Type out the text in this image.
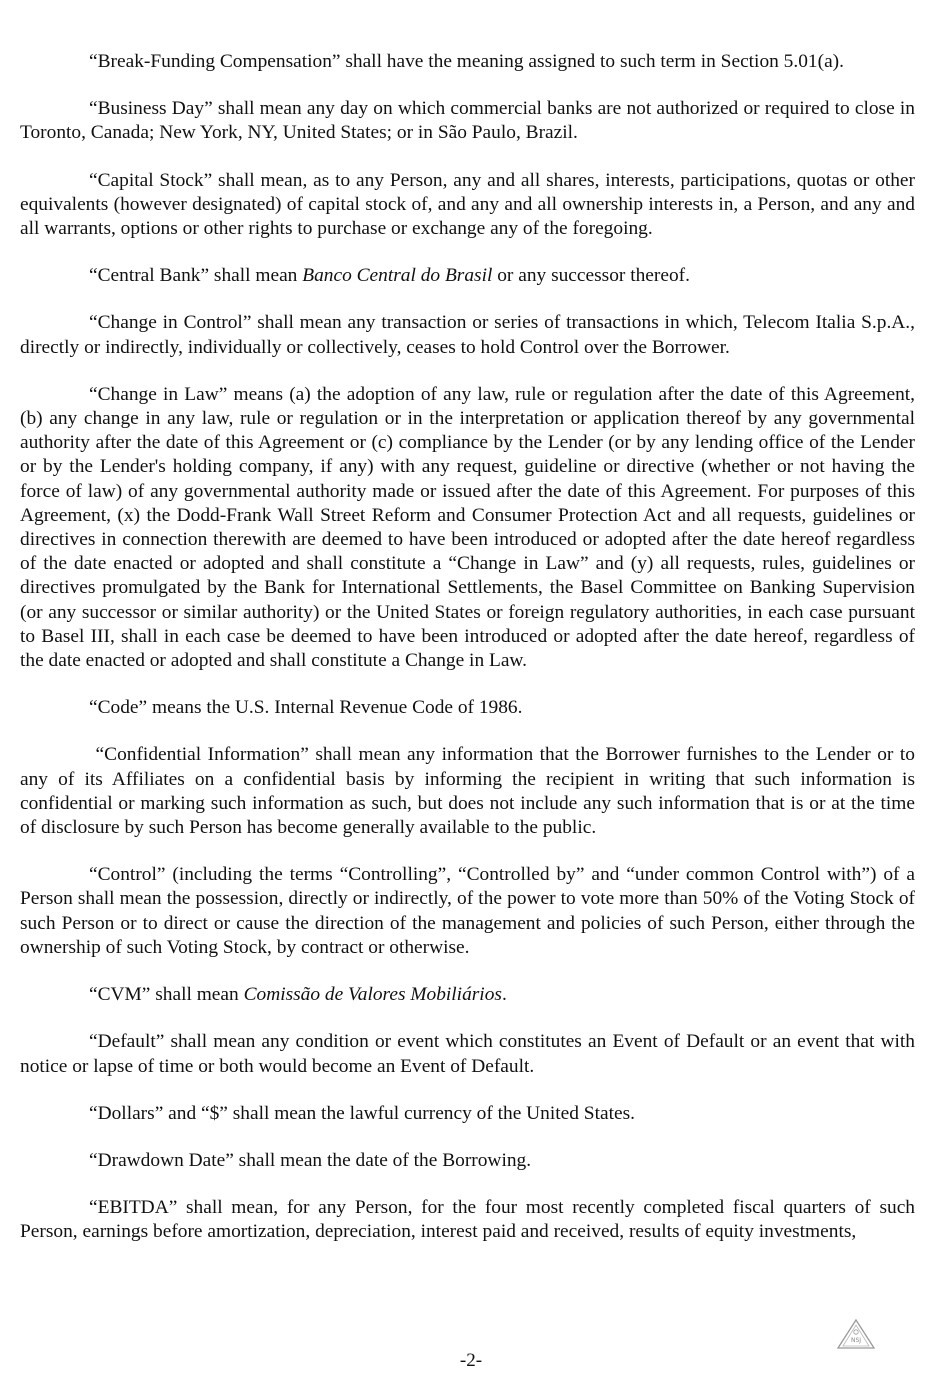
“Break-Funding Compensation” shall have the meaning assigned to such term in Section 5.01(a).

“Business Day” shall mean any day on which commercial banks are not authorized or required to close in Toronto, Canada; New York, NY, United States; or in São Paulo, Brazil.

“Capital Stock” shall mean, as to any Person, any and all shares, interests, participations, quotas or other equivalents (however designated) of capital stock of, and any and all ownership interests in, a Person, and any and all warrants, options or other rights to purchase or exchange any of the foregoing.

“Central Bank” shall mean Banco Central do Brasil or any successor thereof.

“Change in Control” shall mean any transaction or series of transactions in which, Telecom Italia S.p.A., directly or indirectly, individually or collectively, ceases to hold Control over the Borrower.

“Change in Law” means (a) the adoption of any law, rule or regulation after the date of this Agreement, (b) any change in any law, rule or regulation or in the interpretation or application thereof by any governmental authority after the date of this Agreement or (c) compliance by the Lender (or by any lending office of the Lender or by the Lender's holding company, if any) with any request, guideline or directive (whether or not having the force of law) of any governmental authority made or issued after the date of this Agreement. For purposes of this Agreement, (x) the Dodd-Frank Wall Street Reform and Consumer Protection Act and all requests, guidelines or directives in connection therewith are deemed to have been introduced or adopted after the date hereof regardless of the date enacted or adopted and shall constitute a “Change in Law” and (y) all requests, rules, guidelines or directives promulgated by the Bank for International Settlements, the Basel Committee on Banking Supervision (or any successor or similar authority) or the United States or foreign regulatory authorities, in each case pursuant to Basel III, shall in each case be deemed to have been introduced or adopted after the date hereof, regardless of the date enacted or adopted and shall constitute a Change in Law.

“Code” means the U.S. Internal Revenue Code of 1986.

“Confidential Information” shall mean any information that the Borrower furnishes to the Lender or to any of its Affiliates on a confidential basis by informing the recipient in writing that such information is confidential or marking such information as such, but does not include any such information that is or at the time of disclosure by such Person has become generally available to the public.

“Control” (including the terms “Controlling”, “Controlled by” and “under common Control with”) of a Person shall mean the possession, directly or indirectly, of the power to vote more than 50% of the Voting Stock of such Person or to direct or cause the direction of the management and policies of such Person, either through the ownership of such Voting Stock, by contract or otherwise.

“CVM” shall mean Comissão de Valores Mobiliários.

“Default” shall mean any condition or event which constitutes an Event of Default or an event that with notice or lapse of time or both would become an Event of Default.

“Dollars” and “$” shall mean the lawful currency of the United States.

“Drawdown Date” shall mean the date of the Borrowing.

“EBITDA” shall mean, for any Person, for the four most recently completed fiscal quarters of such Person, earnings before amortization, depreciation, interest paid and received, results of equity investments,

NSJ
-2-
